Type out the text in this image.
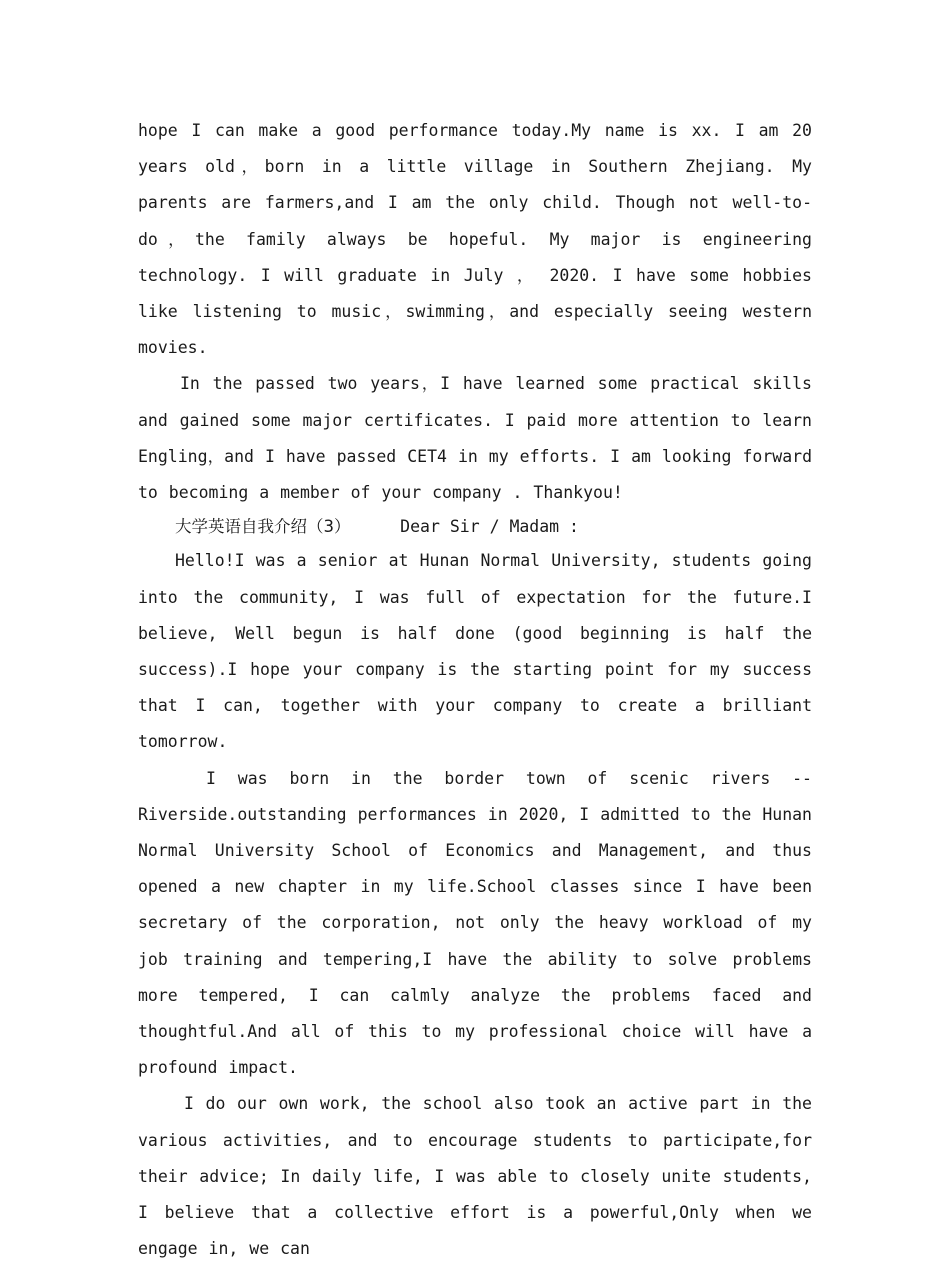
hope I can make a good performance today.My name is xx. I am 20 years old，born in a little village in Southern Zhejiang. My parents are farmers,and I am the only child. Though not well-to-do，the family always be hopeful. My major is engineering technology. I will graduate in July ， 2020. I have some hobbies like listening to music，swimming，and especially seeing western movies.

In the passed two years，I have learned some practical skills and gained some major certificates. I paid more attention to learn Engling，and I have passed CET4 in my efforts. I am looking forward to becoming a member of your company . Thankyou!

大学英语自我介绍（3）	Dear Sir / Madam :

Hello!I was a senior at Hunan Normal University, students going into the community, I was full of expectation for the future.I believe, Well begun is half done (good beginning is half the success).I hope your company is the starting point for my success that I can, together with your company to create a brilliant tomorrow.

I was born in the border town of scenic rivers -- Riverside.outstanding performances in 2020, I admitted to the Hunan Normal University School of Economics and Management, and thus opened a new chapter in my life.School classes since I have been secretary of the corporation, not only the heavy workload of my job training and tempering,I have the ability to solve problems more tempered, I can calmly analyze the problems faced and thoughtful.And all of this to my professional choice will have a profound impact.

I do our own work, the school also took an active part in the various activities, and to encourage students to participate,for their advice; In daily life, I was able to closely unite students, I believe that a collective effort is a powerful,Only when we engage in, we can
